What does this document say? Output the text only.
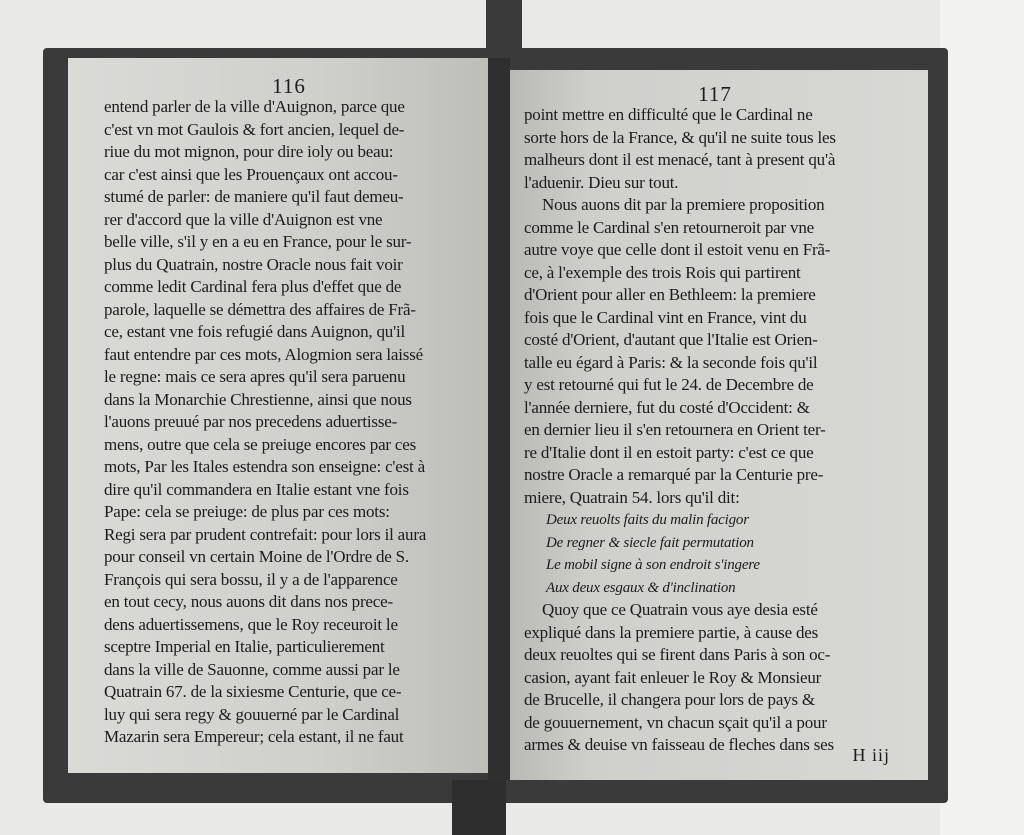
116
entend parler de la ville d'Auignon, parce que
c'est vn mot Gaulois & fort ancien, lequel de-
riue du mot mignon, pour dire ioly ou beau:
car c'est ainsi que les Prouençaux ont accou-
stumé de parler: de maniere qu'il faut demeu-
rer d'accord que la ville d'Auignon est vne
belle ville, s'il y en a eu en France, pour le sur-
plus du Quatrain, nostre Oracle nous fait voir
comme ledit Cardinal fera plus d'effet que de
parole, laquelle se démettra des affaires de Frã-
ce, estant vne fois refugié dans Auignon, qu'il
faut entendre par ces mots, Alogmion sera laissé
le regne: mais ce sera apres qu'il sera paruenu
dans la Monarchie Chrestienne, ainsi que nous
l'auons preuué par nos precedens aduertisse-
mens, outre que cela se preiuge encores par ces
mots, Par les Itales estendra son enseigne: c'est à
dire qu'il commandera en Italie estant vne fois
Pape: cela se preiuge: de plus par ces mots:
Regi sera par prudent contrefait: pour lors il aura
pour conseil vn certain Moine de l'Ordre de S.
François qui sera bossu, il y a de l'apparence
en tout cecy, nous auons dit dans nos prece-
dens aduertissemens, que le Roy receuroit le
sceptre Imperial en Italie, particulierement
dans la ville de Sauonne, comme aussi par le
Quatrain 67. de la sixiesme Centurie, que ce-
luy qui sera regy & gouuerné par le Cardinal
Mazarin sera Empereur; cela estant, il ne faut
117
point mettre en difficulté que le Cardinal ne
sorte hors de la France, & qu'il ne suite tous les
malheurs dont il est menacé, tant à present qu'à
l'aduenir. Dieu sur tout.
Nous auons dit par la premiere proposition
comme le Cardinal s'en retourneroit par vne
autre voye que celle dont il estoit venu en Frã-
ce, à l'exemple des trois Rois qui partirent
d'Orient pour aller en Bethleem: la premiere
fois que le Cardinal vint en France, vint du
costé d'Orient, d'autant que l'Italie est Orien-
talle eu égard à Paris: & la seconde fois qu'il
y est retourné qui fut le 24. de Decembre de
l'année derniere, fut du costé d'Occident: &
en dernier lieu il s'en retournera en Orient ter-
re d'Italie dont il en estoit party: c'est ce que
nostre Oracle a remarqué par la Centurie pre-
miere, Quatrain 54. lors qu'il dit:
Deux reuolts faits du malin facigor
De regner & siecle fait permutation
Le mobil signe à son endroit s'ingere
Aux deux esgaux & d'inclination
Quoy que ce Quatrain vous aye desia esté
expliqué dans la premiere partie, à cause des
deux reuoltes qui se firent dans Paris à son oc-
casion, ayant fait enleuer le Roy & Monsieur
de Brucelle, il changera pour lors de pays &
de gouuernement, vn chacun sçait qu'il a pour
armes & deuise vn faisseau de fleches dans ses
H iij
